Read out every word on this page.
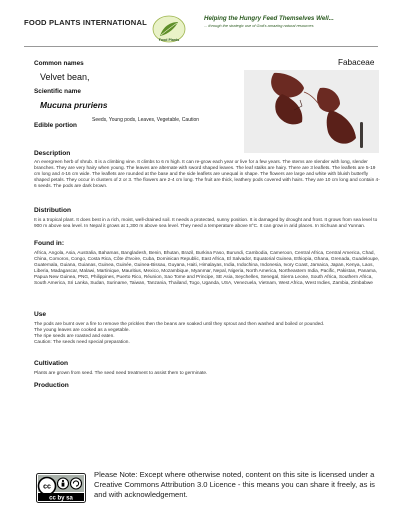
FOOD PLANTS INTERNATIONAL
Food Plants
Helping the Hungry Feed Themselves Well...
... through the strategic use of God's amazing natural resources
Common names
Velvet bean,
Fabaceae
Scientific name
Mucuna pruriens
Edible portion
Seeds, Young pods, Leaves, Vegetable, Caution
Description
An evergreen herb of shrub. It is a climbing vine. It climbs to 6 m high. It can re-grow each year or live for a few years. The stems are slender with long, slender branches. They are very hairy when young. The leaves are alternate with sword shaped leaves. The leaf stalks are hairy. There are 3 leaflets. The leaflets are 5-19 cm long and 4-16 cm wide. The leaflets are rounded at the base and the side leaflets are unequal in shape. The flowers are large and white with bluish butterfly shaped petals. They occur in clusters of 2 or 3. The flowers are 2-4 cm long. The fruit are thick, leathery pods covered with hairs. They are 10 cm long and contain 4-6 seeds. The pods are dark brown.
Distribution
It is a tropical plant. It does best in a rich, moist, well-drained soil. It needs a protected, sunny position. It is damaged by drought and frost. It grows from sea level to 900 m above sea level. In Nepal it grows at 1,300 m above sea level. They need a temperature above 8°C. It can grow in arid places. In Sichuan and Yunnan.
Found in:
Africa, Angola, Asia, Australia, Bahamas, Bangladesh, Benin, Bhutan, Brazil, Burkina Faso, Burundi, Cambodia, Cameroon, Central Africa, Central America, Chad, China, Comoros, Congo, Costa Rica, Côte d'Ivoire, Cuba, Dominican Republic, East Africa, El Salvador, Equatorial Guinea, Ethiopia, Ghana, Grenada, Guadeloupe, Guatemala, Guiana, Guianas, Guinea, Guinée, Guinea-Bissau, Guyana, Haiti, Himalayas, India, Indochina, Indonesia, Ivory Coast, Jamaica, Japan, Kenya, Laos, Liberia, Madagascar, Malawi, Martinique, Mauritius, Mexico, Mozambique, Myanmar, Nepal, Nigeria, North America, Northeastern India, Pacific, Pakistan, Panama, Papua New Guinea, PNG, Philippines, Puerto Rico, Réunion, Sao Tome and Principe, SE Asia, Seychelles, Senegal, Sierra Leone, South Africa, Southern Africa, South America, Sri Lanka, Sudan, Suriname, Taiwan, Tanzania, Thailand, Togo, Uganda, USA, Venezuela, Vietnam, West Africa, West Indies, Zambia, Zimbabwe
Use

The pods are burnt over a fire to remove the prickles then the beans are soaked until they sprout and then washed and boiled or pounded.

The young leaves are cooked as a vegetable.

The ripe seeds are roasted and eaten.

Caution: The seeds need special preparation.

Cultivation
Plants are grown from seed. The seed need treatment to assist them to germinate.
Production
cc
cc by sa
Please Note: Except where otherwise noted, content on this site is licensed under a Creative Commons Attribution 3.0 Licence - this means you can share it freely, as is and with acknowledgement.
